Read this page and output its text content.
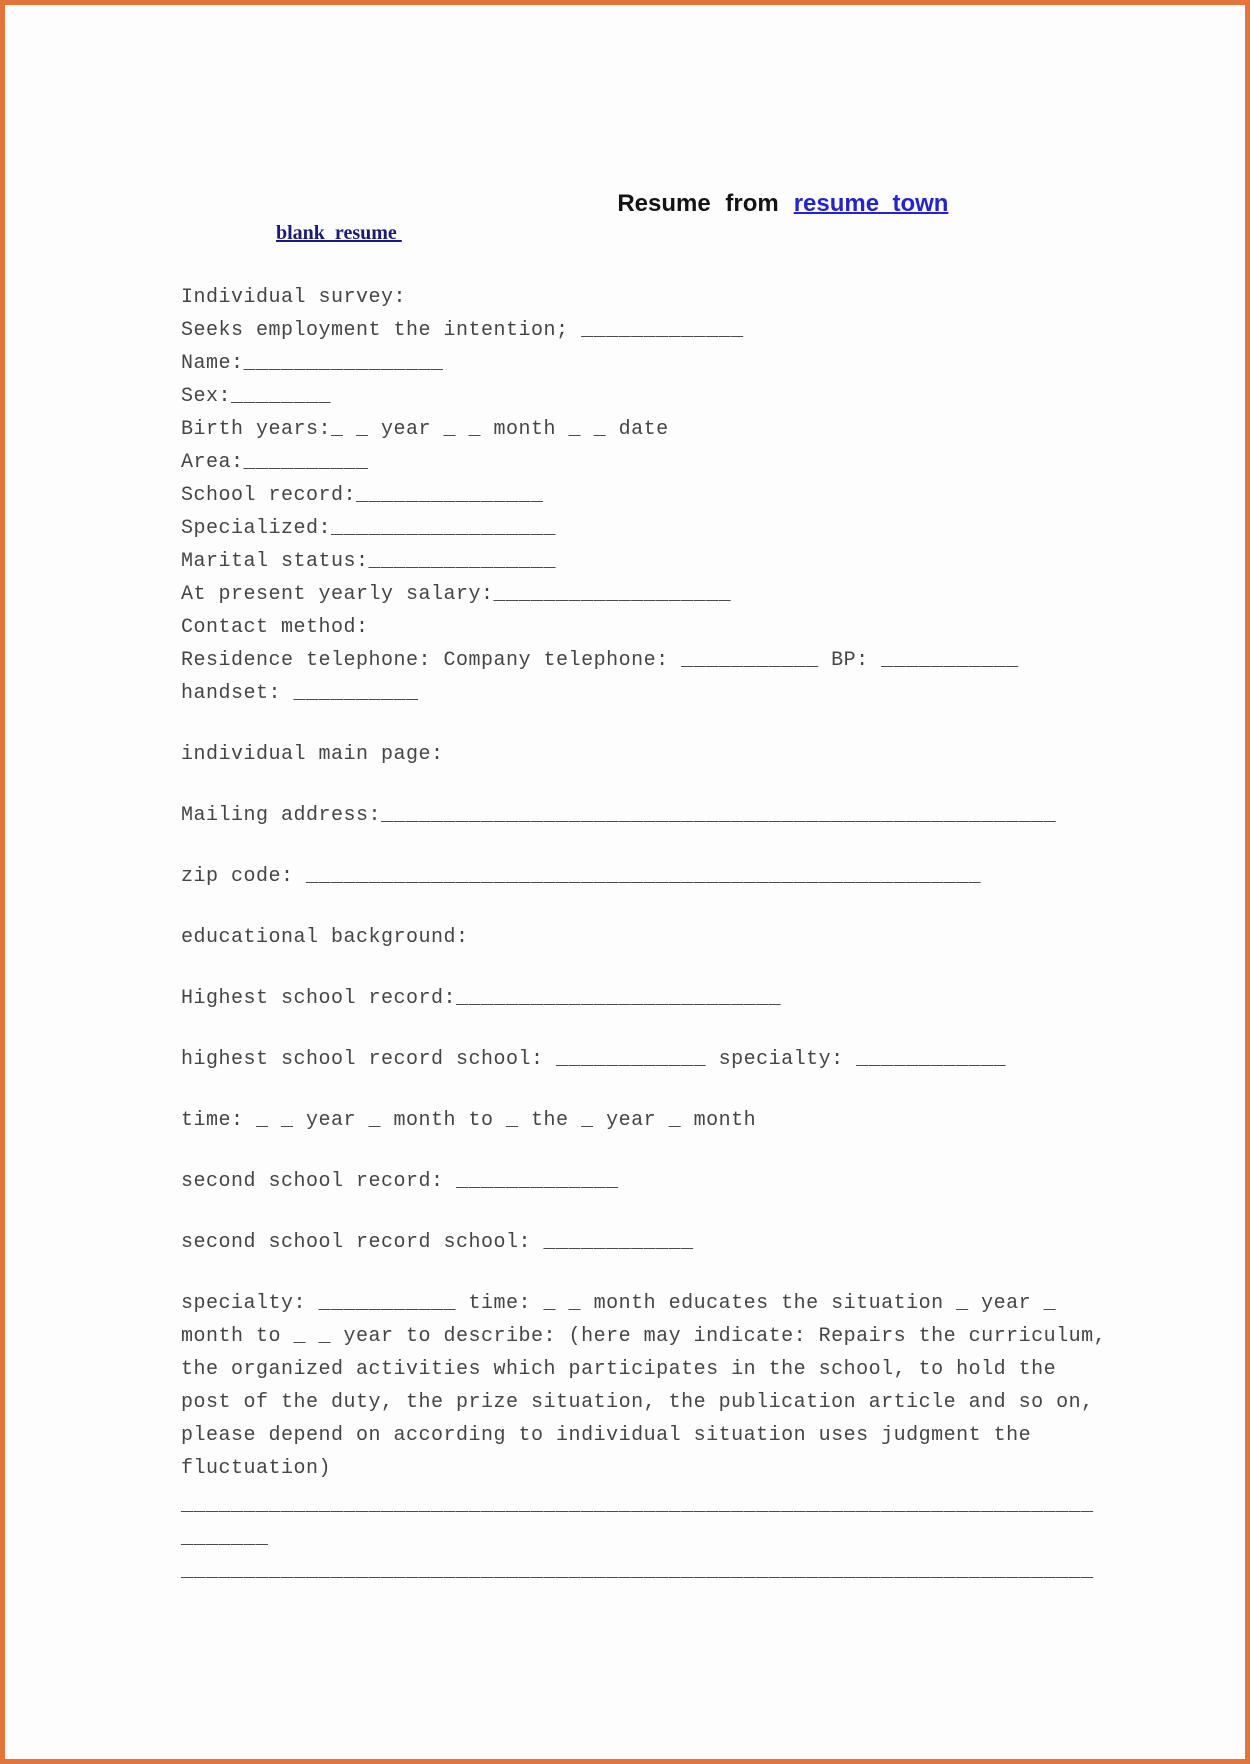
Resume from resume_town

blank_resume
Individual survey:
Seeks employment the intention; _____________
Name:________________
Sex:________
Birth years:_ _ year _ _ month _ _ date
Area:__________
School record:_______________
Specialized:__________________
Marital status:_______________
At present yearly salary:___________________
Contact method:
Residence telephone: Company telephone: ___________ BP: ___________
handset: __________
individual main page:
Mailing address:______________________________________________________
zip code: ______________________________________________________
educational background:
Highest school record:__________________________
highest school record school: ____________ specialty: ____________
time: _ _ year _ month to _ the _ year _ month
second school record: _____________
second school record school: ____________
specialty: ___________ time: _ _ month educates the situation _ year _
month to _ _ year to describe: (here may indicate: Repairs the curriculum,
the organized activities which participates in the school, to hold the
post of the duty, the prize situation, the publication article and so on,
please depend on according to individual situation uses judgment the
fluctuation)
_________________________________________________________________________
_______
_________________________________________________________________________
